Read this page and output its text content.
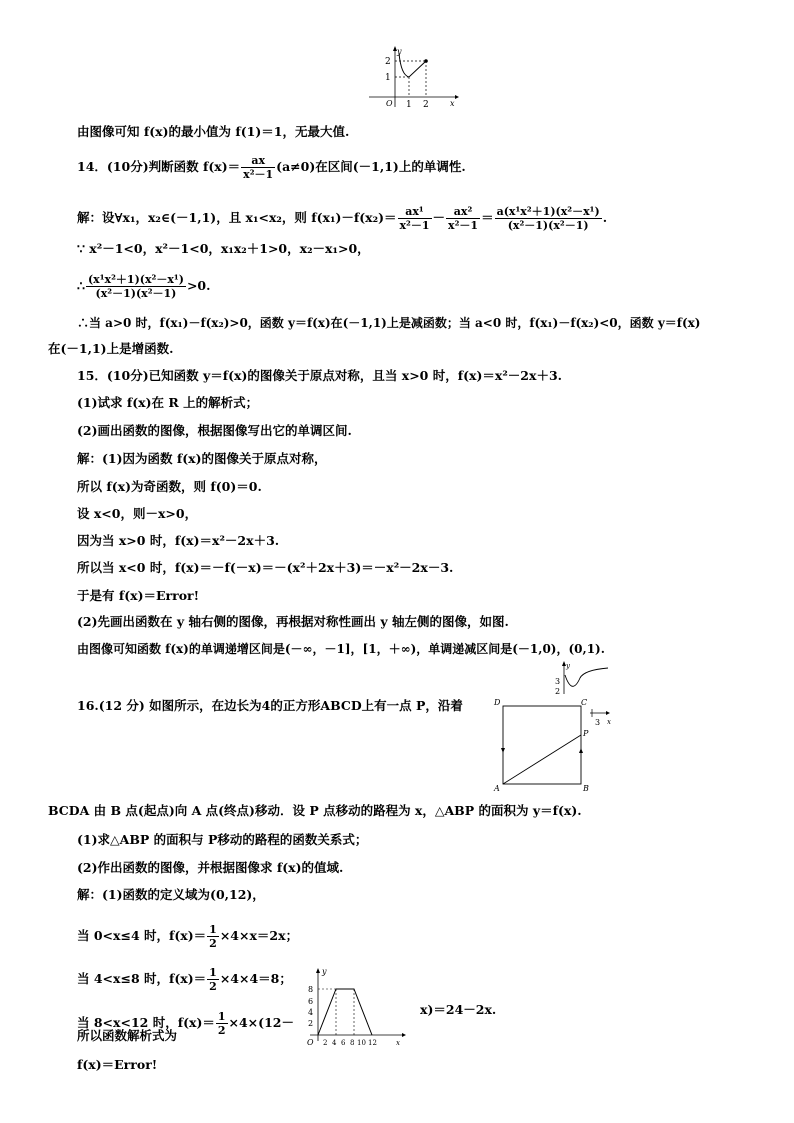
y
2
1
O 1 2	x
由图像可知 f(x)的最小值为 f(1)＝1，无最大值.
14．(10分)判断函数 $f(x)= \frac{ax}{\text{x²－1}} (a\ne 0)$在区间(－1,1)上的单调性.
解：设∀x₁，x₂∈(－1,1)，且 x₁<x₂，则 $f(x_1)-f(x_2)= \frac{\text{ax¹}}{\text{x²－1}} - \frac{\text{ax²}}{\text{x²－1}} = \frac{\text{a(x¹x²＋1)(x²－x¹)}}{\text{(x²－1)(x²－1)}}$ .
∵ x²－1<0，x²－1<0，x₁x₂＋1>0，x₂－x₁>0，
∴ $\frac{\text{(x¹x²＋1)(x²－x¹)}}{\text{(x²－1)(x²－1)}} >0$.
∴当 a>0 时，f(x₁)－f(x₂)>0，函数 y＝f(x)在(－1,1)上是减函数；当 a<0 时，f(x₁)－f(x₂)<0，函数 y＝f(x)
在(－1,1)上是增函数.
15．(10分)已知函数 y＝f(x)的图像关于原点对称，且当 x>0 时，f(x)＝x²－2x＋3.
(1)试求 f(x)在 R 上的解析式；
(2)画出函数的图像，根据图像写出它的单调区间.
解：(1)因为函数 f(x)的图像关于原点对称，
所以 f(x)为奇函数，则 f(0)＝0.
设 x<0，则－x>0，
因为当 x>0 时，f(x)＝x²－2x＋3.
所以当 x<0 时，f(x)＝－f(－x)＝－(x²＋2x＋3)＝－x²－2x－3.
于是有 f(x)＝Error!
(2)先画出函数在 y 轴右侧的图像，再根据对称性画出 y 轴左侧的图像，如图.
由图像可知函数 f(x)的单调递增区间是(－∞，－1]，[1，＋∞)，单调递减区间是(－1,0)，(0,1).
y
3
2
16.(12 分) 如图所示，在边长为4的正方形ABCD上有一点 P，沿着	D	C
A	B
P
3 x
BCDA 由 B 点(起点)向 A 点(终点)移动．设 P 点移动的路程为 x，△ABP 的面积为 y＝f(x).
(1)求△ABP 的面积与 P移动的路程的函数关系式；
(2)作出函数的图像，并根据图像求 f(x)的值域.
解：(1)函数的定义域为(0,12)，
当 0<x≤4 时，$f(x)= \frac{1}{2} \times 4\times x=2x$；
当 4<x≤8 时，$f(x)= \frac{1}{2} \times 4\times 4=8$；
当 8<x<12 时，$f(x)= \frac{1}{2} \times 4\times(12-$
x)＝24－2x.
所以函数解析式为
f(x)＝Error!
y
8
6
4
2
O 2 4 6 8 10 12	x
